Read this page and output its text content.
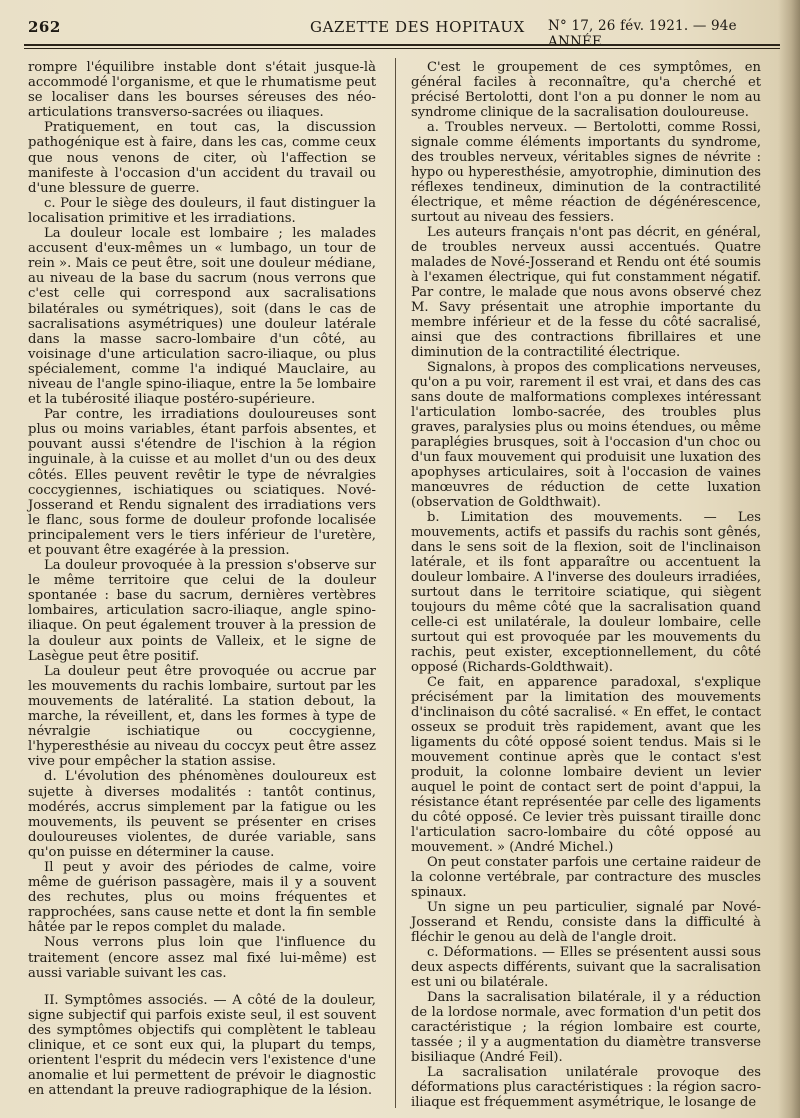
262	GAZETTE DES HOPITAUX N° 17, 26 fév. 1921. — 94e ANNÉE.

rompre l'équilibre instable dont s'était jusque-là accommodé l'organisme, et que le rhumatisme peut se localiser dans les bourses séreuses des néo-articulations transverso-sacrées ou iliaques.

Pratiquement, en tout cas, la discussion pathogénique est à faire, dans les cas, comme ceux que nous venons de citer, où l'affection se manifeste à l'occasion d'un accident du travail ou d'une blessure de guerre.

c. Pour le siège des douleurs, il faut distinguer la localisation primitive et les irradiations.

La douleur locale est lombaire ; les malades accusent d'eux-mêmes un « lumbago, un tour de rein ». Mais ce peut être, soit une douleur médiane, au niveau de la base du sacrum (nous verrons que c'est celle qui correspond aux sacralisations bilatérales ou symétriques), soit (dans le cas de sacralisations asymétriques) une douleur latérale dans la masse sacro-lombaire d'un côté, au voisinage d'une articulation sacro-iliaque, ou plus spécialement, comme l'a indiqué Mauclaire, au niveau de l'angle spino-iliaque, entre la 5e lombaire et la tubérosité iliaque postéro-supérieure.

Par contre, les irradiations douloureuses sont plus ou moins variables, étant parfois absentes, et pouvant aussi s'étendre de l'ischion à la région inguinale, à la cuisse et au mollet d'un ou des deux côtés. Elles peuvent revêtir le type de névralgies coccygiennes, ischiatiques ou sciatiques. Nové-Josserand et Rendu signalent des irradiations vers le flanc, sous forme de douleur profonde localisée principalement vers le tiers inférieur de l'uretère, et pouvant être exagérée à la pression.

La douleur provoquée à la pression s'observe sur le même territoire que celui de la douleur spontanée : base du sacrum, dernières vertèbres lombaires, articulation sacro-iliaque, angle spino-iliaque. On peut également trouver à la pression de la douleur aux points de Valleix, et le signe de Lasègue peut être positif.

La douleur peut être provoquée ou accrue par les mouvements du rachis lombaire, surtout par les mouvements de latéralité. La station debout, la marche, la réveillent, et, dans les formes à type de névralgie ischiatique ou coccygienne, l'hyperesthésie au niveau du coccyx peut être assez vive pour empêcher la station assise.

d. L'évolution des phénomènes douloureux est sujette à diverses modalités : tantôt continus, modérés, accrus simplement par la fatigue ou les mouvements, ils peuvent se présenter en crises douloureuses violentes, de durée variable, sans qu'on puisse en déterminer la cause.

Il peut y avoir des périodes de calme, voire même de guérison passagère, mais il y a souvent des rechutes, plus ou moins fréquentes et rapprochées, sans cause nette et dont la fin semble hâtée par le repos complet du malade.

Nous verrons plus loin que l'influence du traitement (encore assez mal fixé lui-même) est aussi variable suivant les cas.

II. Symptômes associés. — A côté de la douleur, signe subjectif qui parfois existe seul, il est souvent des symptômes objectifs qui complètent le tableau clinique, et ce sont eux qui, la plupart du temps, orientent l'esprit du médecin vers l'existence d'une anomalie et lui permettent de prévoir le diagnostic en attendant la preuve radiographique de la lésion.

C'est le groupement de ces symptômes, en général faciles à reconnaître, qu'a cherché et précisé Bertolotti, dont l'on a pu donner le nom au syndrome clinique de la sacralisation douloureuse.

a. Troubles nerveux. — Bertolotti, comme Rossi, signale comme éléments importants du syndrome, des troubles nerveux, véritables signes de névrite : hypo ou hyperesthésie, amyotrophie, diminution des réflexes tendineux, diminution de la contractilité électrique, et même réaction de dégénérescence, surtout au niveau des fessiers.

Les auteurs français n'ont pas décrit, en général, de troubles nerveux aussi accentués. Quatre malades de Nové-Josserand et Rendu ont été soumis à l'examen électrique, qui fut constamment négatif. Par contre, le malade que nous avons observé chez M. Savy présentait une atrophie importante du membre inférieur et de la fesse du côté sacralisé, ainsi que des contractions fibrillaires et une diminution de la contractilité électrique.

Signalons, à propos des complications nerveuses, qu'on a pu voir, rarement il est vrai, et dans des cas sans doute de malformations complexes intéressant l'articulation lombo-sacrée, des troubles plus graves, paralysies plus ou moins étendues, ou même paraplégies brusques, soit à l'occasion d'un choc ou d'un faux mouvement qui produisit une luxation des apophyses articulaires, soit à l'occasion de vaines manœuvres de réduction de cette luxation (observation de Goldthwait).

b. Limitation des mouvements. — Les mouvements, actifs et passifs du rachis sont gênés, dans le sens soit de la flexion, soit de l'inclinaison latérale, et ils font apparaître ou accentuent la douleur lombaire. A l'inverse des douleurs irradiées, surtout dans le territoire sciatique, qui siègent toujours du même côté que la sacralisation quand celle-ci est unilatérale, la douleur lombaire, celle surtout qui est provoquée par les mouvements du rachis, peut exister, exceptionnellement, du côté opposé (Richards-Goldthwait).

Ce fait, en apparence paradoxal, s'explique précisément par la limitation des mouvements d'inclinaison du côté sacralisé. « En effet, le contact osseux se produit très rapidement, avant que les ligaments du côté opposé soient tendus. Mais si le mouvement continue après que le contact s'est produit, la colonne lombaire devient un levier auquel le point de contact sert de point d'appui, la résistance étant représentée par celle des ligaments du côté opposé. Ce levier très puissant tiraille donc l'articulation sacro-lombaire du côté opposé au mouvement. » (André Michel.)

On peut constater parfois une certaine raideur de la colonne vertébrale, par contracture des muscles spinaux.

Un signe un peu particulier, signalé par Nové-Josserand et Rendu, consiste dans la difficulté à fléchir le genou au delà de l'angle droit.

c. Déformations. — Elles se présentent aussi sous deux aspects différents, suivant que la sacralisation est uni ou bilatérale.

Dans la sacralisation bilatérale, il y a réduction de la lordose normale, avec formation d'un petit dos caractéristique ; la région lombaire est courte, tassée ; il y a augmentation du diamètre transverse bisiliaque (André Feil).

La sacralisation unilatérale provoque des déformations plus caractéristiques : la région sacro-iliaque est fréquemment asymétrique, le losange de
